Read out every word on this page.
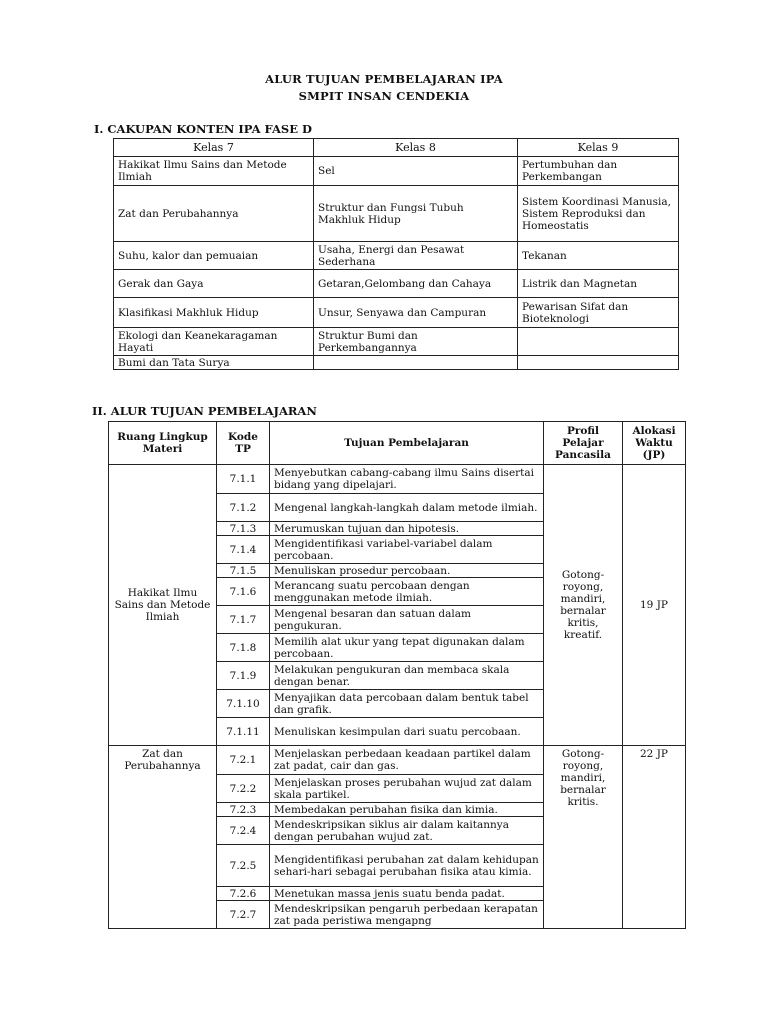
ALUR TUJUAN PEMBELAJARAN IPA
SMPIT INSAN CENDEKIA
I. CAKUPAN KONTEN IPA FASE D
Kelas 7	Kelas 8	Kelas 9
Hakikat Ilmu Sains dan Metode Ilmiah	Sel	Pertumbuhan dan Perkembangan
Zat dan Perubahannya	Struktur dan Fungsi Tubuh Makhluk Hidup	Sistem Koordinasi Manusia, Sistem Reproduksi dan Homeostatis
Suhu, kalor dan pemuaian	Usaha, Energi dan Pesawat Sederhana	Tekanan
Gerak dan Gaya	Getaran,Gelombang dan Cahaya	Listrik dan Magnetan
Klasifikasi Makhluk Hidup	Unsur, Senyawa dan Campuran	Pewarisan Sifat dan Bioteknologi
Ekologi dan Keanekaragaman Hayati	Struktur Bumi dan Perkembangannya	
Bumi dan Tata Surya		
II. ALUR TUJUAN PEMBELAJARAN
Ruang Lingkup Materi	Kode TP	Tujuan Pembelajaran	Profil Pelajar Pancasila	Alokasi Waktu (JP)
Hakikat Ilmu Sains dan Metode Ilmiah	7.1.1	Menyebutkan cabang-cabang ilmu Sains disertai bidang yang dipelajari.	Gotong-royong, mandiri, bernalar kritis, kreatif.	19 JP
	7.1.2	Mengenal langkah-langkah dalam metode ilmiah.		
	7.1.3	Merumuskan tujuan dan hipotesis.		
	7.1.4	Mengidentifikasi variabel-variabel dalam percobaan.		
	7.1.5	Menuliskan prosedur percobaan.		
	7.1.6	Merancang suatu percobaan dengan menggunakan metode ilmiah.		
	7.1.7	Mengenal besaran dan satuan dalam pengukuran.		
	7.1.8	Memilih alat ukur yang tepat digunakan dalam percobaan.		
	7.1.9	Melakukan pengukuran dan membaca skala dengan benar.		
	7.1.10	Menyajikan data percobaan dalam bentuk tabel dan grafik.		
	7.1.11	Menuliskan kesimpulan dari suatu percobaan.		
Zat dan Perubahannya	7.2.1	Menjelaskan perbedaan keadaan partikel dalam zat padat, cair dan gas.	Gotong-royong, mandiri, bernalar kritis.	22 JP
	7.2.2	Menjelaskan proses perubahan wujud zat dalam skala partikel.		
	7.2.3	Membedakan perubahan fisika dan kimia.		
	7.2.4	Mendeskripsikan siklus air dalam kaitannya dengan perubahan wujud zat.		
	7.2.5	Mengidentifikasi perubahan zat dalam kehidupan sehari-hari sebagai perubahan fisika atau kimia.		
	7.2.6	Menetukan massa jenis suatu benda padat.		
	7.2.7	Mendeskripsikan pengaruh perbedaan kerapatan zat pada peristiwa mengapng		
